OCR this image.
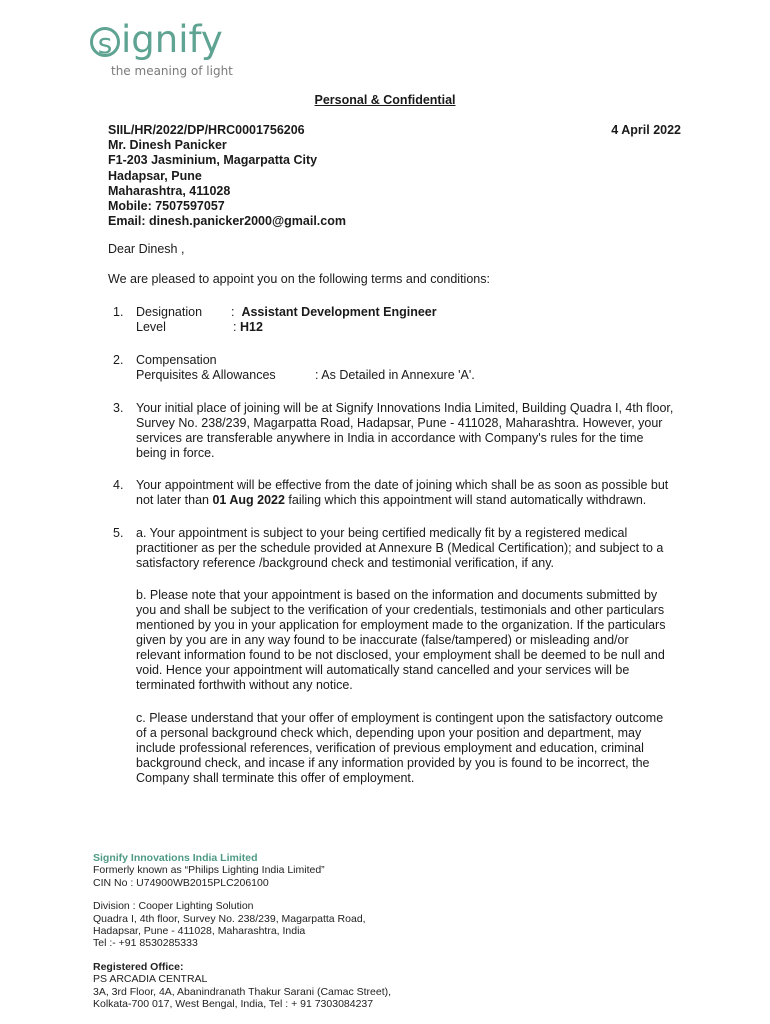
s ignify
the meaning of light
Personal & Confidential
SIIL/HR/2022/DP/HRC0001756206
Mr. Dinesh Panicker
F1-203 Jasminium, Magarpatta City
Hadapsar, Pune
Maharashtra, 411028
Mobile: 7507597057
Email: dinesh.panicker2000@gmail.com
4 April 2022
Dear Dinesh ,
We are pleased to appoint you on the following terms and conditions:
1. Designation : Assistant Development Engineer
Level	: H12
2. Compensation
Perquisites & Allowances	: As Detailed in Annexure 'A'.
3. Your initial place of joining will be at Signify Innovations India Limited, Building Quadra I, 4th floor,
Survey No. 238/239, Magarpatta Road, Hadapsar, Pune - 411028, Maharashtra. However, your
services are transferable anywhere in India in accordance with Company's rules for the time
being in force.
4. Your appointment will be effective from the date of joining which shall be as soon as possible but
not later than 01 Aug 2022 failing which this appointment will stand automatically withdrawn.
5. a. Your appointment is subject to your being certified medically fit by a registered medical
practitioner as per the schedule provided at Annexure B (Medical Certification); and subject to a
satisfactory reference /background check and testimonial verification, if any.
b. Please note that your appointment is based on the information and documents submitted by
you and shall be subject to the verification of your credentials, testimonials and other particulars
mentioned by you in your application for employment made to the organization. If the particulars
given by you are in any way found to be inaccurate (false/tampered) or misleading and/or
relevant information found to be not disclosed, your employment shall be deemed to be null and
void. Hence your appointment will automatically stand cancelled and your services will be
terminated forthwith without any notice.
c. Please understand that your offer of employment is contingent upon the satisfactory outcome
of a personal background check which, depending upon your position and department, may
include professional references, verification of previous employment and education, criminal
background check, and incase if any information provided by you is found to be incorrect, the
Company shall terminate this offer of employment.
Signify Innovations India Limited
Formerly known as “Philips Lighting India Limited”
CIN No : U74900WB2015PLC206100
Division : Cooper Lighting Solution
Quadra I, 4th floor, Survey No. 238/239, Magarpatta Road,
Hadapsar, Pune - 411028, Maharashtra, India
Tel :- +91 8530285333
Registered Office:
PS ARCADIA CENTRAL
3A, 3rd Floor, 4A, Abanindranath Thakur Sarani (Camac Street),
Kolkata-700 017, West Bengal, India, Tel : + 91 7303084237
